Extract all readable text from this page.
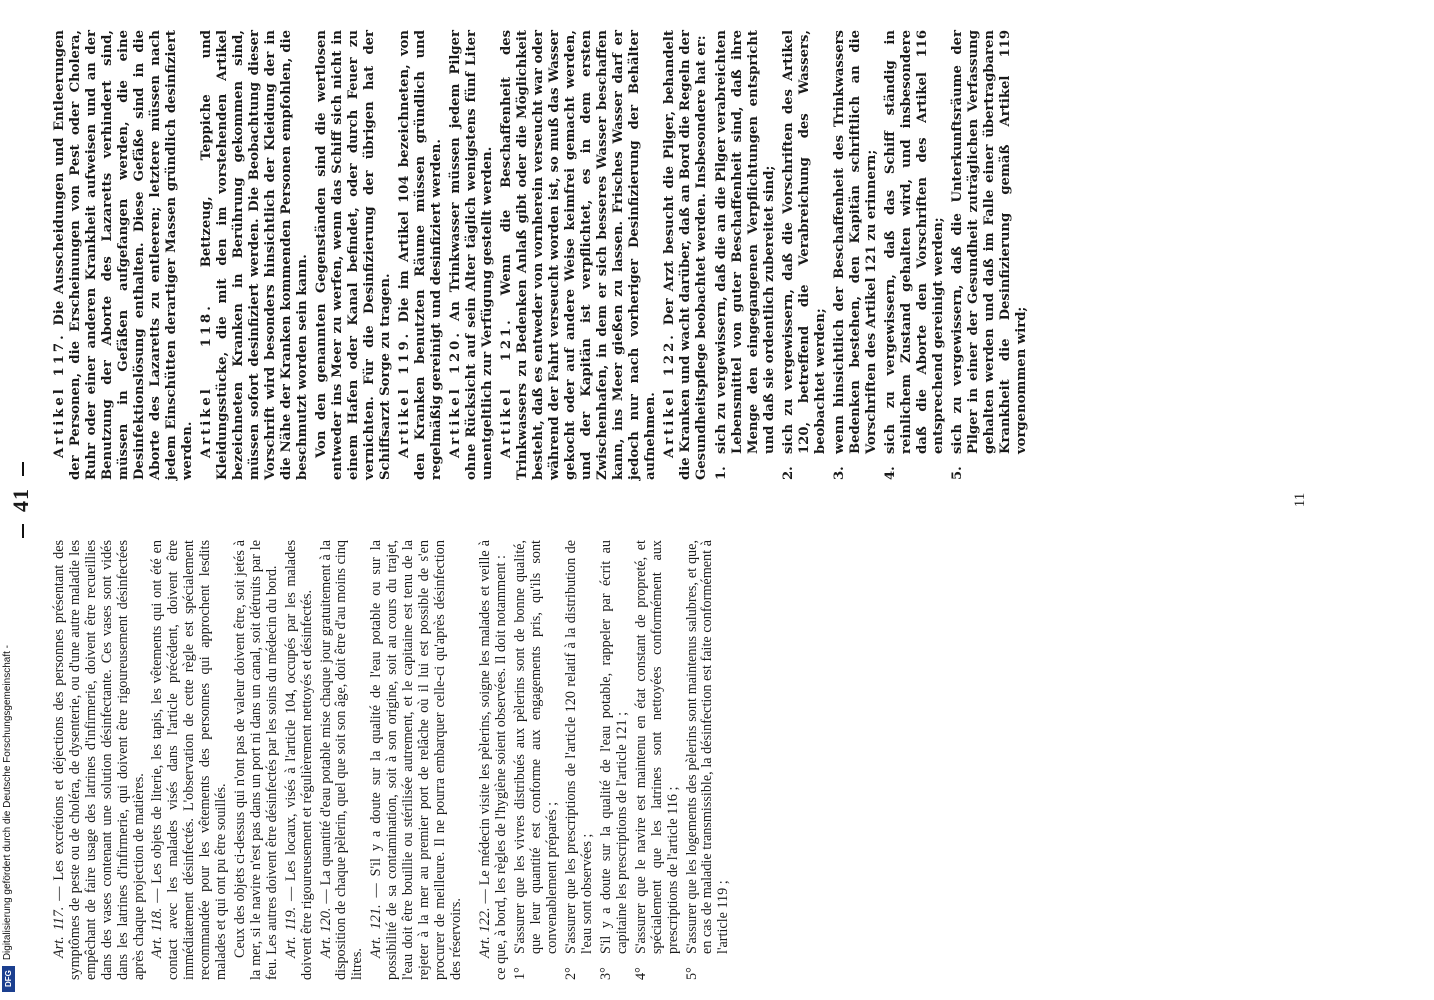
41

Art. 117. — Les excrétions et déjections des personnes présentant des symptômes de peste ou de choléra, de dysenterie, ou d'une autre maladie les empêchant de faire usage des latrines d'infirmerie, doivent être recueillies dans des vases contenant une solution désinfectante. Ces vases sont vidés dans les latrines d'infirmerie, qui doivent être rigoureusement désinfectées après chaque projection de matières. Art. 118. — Les objets de literie, les tapis, les vêtements qui ont été en contact avec les malades visés dans l'article précédent, doivent être immédiatement désinfectés. L'observation de cette règle est spécialement recommandée pour les vêtements des personnes qui approchent lesdits malades et qui ont pu être souillés. Ceux des objets ci-dessus qui n'ont pas de valeur doivent être, soit jetés à la mer, si le navire n'est pas dans un port ni dans un canal, soit détruits par le feu. Les autres doivent être désinfectés par les soins du médecin du bord. Art. 119. — Les locaux, visés à l'article 104, occupés par les malades doivent être rigoureusement et régulièrement nettoyés et désinfectés. Art. 120. — La quantité d'eau potable mise chaque jour gratuitement à la disposition de chaque pèlerin, quel que soit son âge, doit être d'au moins cinq litres.

Art. 121. — S'il y a doute sur la qualité de l'eau potable ou sur la possibilité de sa contamination, soit à son origine, soit au cours du trajet, l'eau doit être bouillie ou stérilisée autrement, et le capitaine est tenu de la rejeter à la mer au premier port de relâche où il lui est possible de s'en procurer de meilleure. Il ne pourra embarquer celle-ci qu'après désinfection des réservoirs. Art. 122. — Le médecin visite les pèlerins, soigne les malades et veille à ce que, à bord, les règles de l'hygiène soient observées. Il doit notamment : 1°
S'assurer que les vivres distribués aux pèlerins sont de bonne qualité, que leur quantité est conforme aux engagements pris, qu'ils sont convenablement préparés ;
2°
S'assurer que les prescriptions de l'article 120 relatif à la distribution de l'eau sont observées ;
3°
S'il y a doute sur la qualité de l'eau potable, rappeler par écrit au capitaine les prescriptions de l'article 121 ;
4°
S'assurer que le navire est maintenu en état constant de propreté, et spécialement que les latrines sont nettoyées conformément aux prescriptions de l'article 116 ;
5°
S'assurer que les logements des pèlerins sont maintenus salubres, et que, en cas de maladie transmissible, la désinfection est faite conformément à l'article 119 ;

Artikel 117. Die Ausscheidungen und Entleerungen der Personen, die Erscheinungen von Pest oder Cholera, Ruhr oder einer anderen Krankheit aufweisen und an der Benutzung der Aborte des Lazaretts verhindert sind, müssen in Gefäßen aufgefangen werden, die eine Desinfektionslösung enthalten. Diese Gefäße sind in die Aborte des Lazaretts zu entleeren; letztere müssen nach jedem Einschütten derartiger Massen gründlich desinfiziert werden. Artikel 118. Bettzeug, Teppiche und Kleidungsstücke, die mit den im vorstehenden Artikel bezeichneten Kranken in Berührung gekommen sind, müssen sofort desinfiziert werden. Die Beobachtung dieser Vorschrift wird besonders hinsichtlich der Kleidung der in die Nähe der Kranken kommenden Personen empfohlen, die beschmutzt worden sein kann. Von den genannten Gegenständen sind die wertlosen entweder ins Meer zu werfen, wenn das Schiff sich nicht in einem Hafen oder Kanal befindet, oder durch Feuer zu vernichten. Für die Desinfizierung der übrigen hat der Schiffsarzt Sorge zu tragen. Artikel 119. Die im Artikel 104 bezeichneten, von den Kranken benutzten Räume müssen gründlich und regelmäßig gereinigt und desinfiziert werden. Artikel 120. An Trinkwasser müssen jedem Pilger ohne Rücksicht auf sein Alter täglich wenigstens fünf Liter unentgeltlich zur Verfügung gestellt werden. Artikel 121. Wenn die Beschaffenheit des Trinkwassers zu Bedenken Anlaß gibt oder die Möglichkeit besteht, daß es entweder von vornherein verseucht war oder während der Fahrt verseucht worden ist, so muß das Wasser gekocht oder auf andere Weise keimfrei gemacht werden, und der Kapitän ist verpflichtet, es in dem ersten Zwischenhafen, in dem er sich besseres Wasser beschaffen kann, ins Meer gießen zu lassen. Frisches Wasser darf er jedoch nur nach vorheriger Desinfizierung der Behälter aufnehmen. Artikel 122. Der Arzt besucht die Pilger, behandelt die Kranken und wacht darüber, daß an Bord die Regeln der Gesundheitspflege beobachtet werden. Insbesondere hat er: 1.
sich zu vergewissern, daß die an die Pilger verabreichten Lebensmittel von guter Beschaffenheit sind, daß ihre Menge den eingegangenen Verpflichtungen entspricht und daß sie ordentlich zubereitet sind;
2.
sich zu vergewissern, daß die Vorschriften des Artikel 120, betreffend die Verabreichung des Wassers, beobachtet werden;
3.
wenn hinsichtlich der Beschaffenheit des Trinkwassers Bedenken bestehen, den Kapitän schriftlich an die Vorschriften des Artikel 121 zu erinnern;
4.
sich zu vergewissern, daß das Schiff ständig in reinlichem Zustand gehalten wird, und insbesondere daß die Aborte den Vorschriften des Artikel 116 entsprechend gereinigt werden;
5.
sich zu vergewissern, daß die Unterkunftsräume der Pilger in einer der Gesundheit zuträglichen Verfassung gehalten werden und daß im Falle einer übertragbaren Krankheit die Desinfizierung gemäß Artikel 119 vorgenommen wird;
11
Digitalisierung gefördert durch die Deutsche Forschungsgemeinschaft -
DFG
